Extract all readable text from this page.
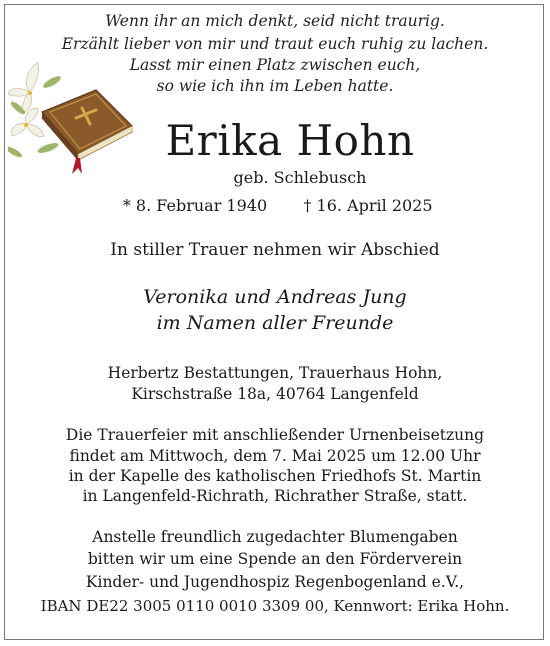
Wenn ihr an mich denkt, seid nicht traurig.
Erzählt lieber von mir und traut euch ruhig zu lachen.
Lasst mir einen Platz zwischen euch,
so wie ich ihn im Leben hatte.
Erika Hohn
geb. Schlebusch
* 8. Februar 1940	† 16. April 2025
In stiller Trauer nehmen wir Abschied
Veronika und Andreas Jung
im Namen aller Freunde
Herbertz Bestattungen, Trauerhaus Hohn,
Kirschstraße 18a, 40764 Langenfeld
Die Trauerfeier mit anschließender Urnenbeisetzung
findet am Mittwoch, dem 7. Mai 2025 um 12.00 Uhr
in der Kapelle des katholischen Friedhofs St. Martin
in Langenfeld-Richrath, Richrather Straße, statt.
Anstelle freundlich zugedachter Blumengaben
bitten wir um eine Spende an den Förderverein
Kinder- und Jugendhospiz Regenbogenland e.V.,
IBAN DE22 3005 0110 0010 3309 00, Kennwort: Erika Hohn.
